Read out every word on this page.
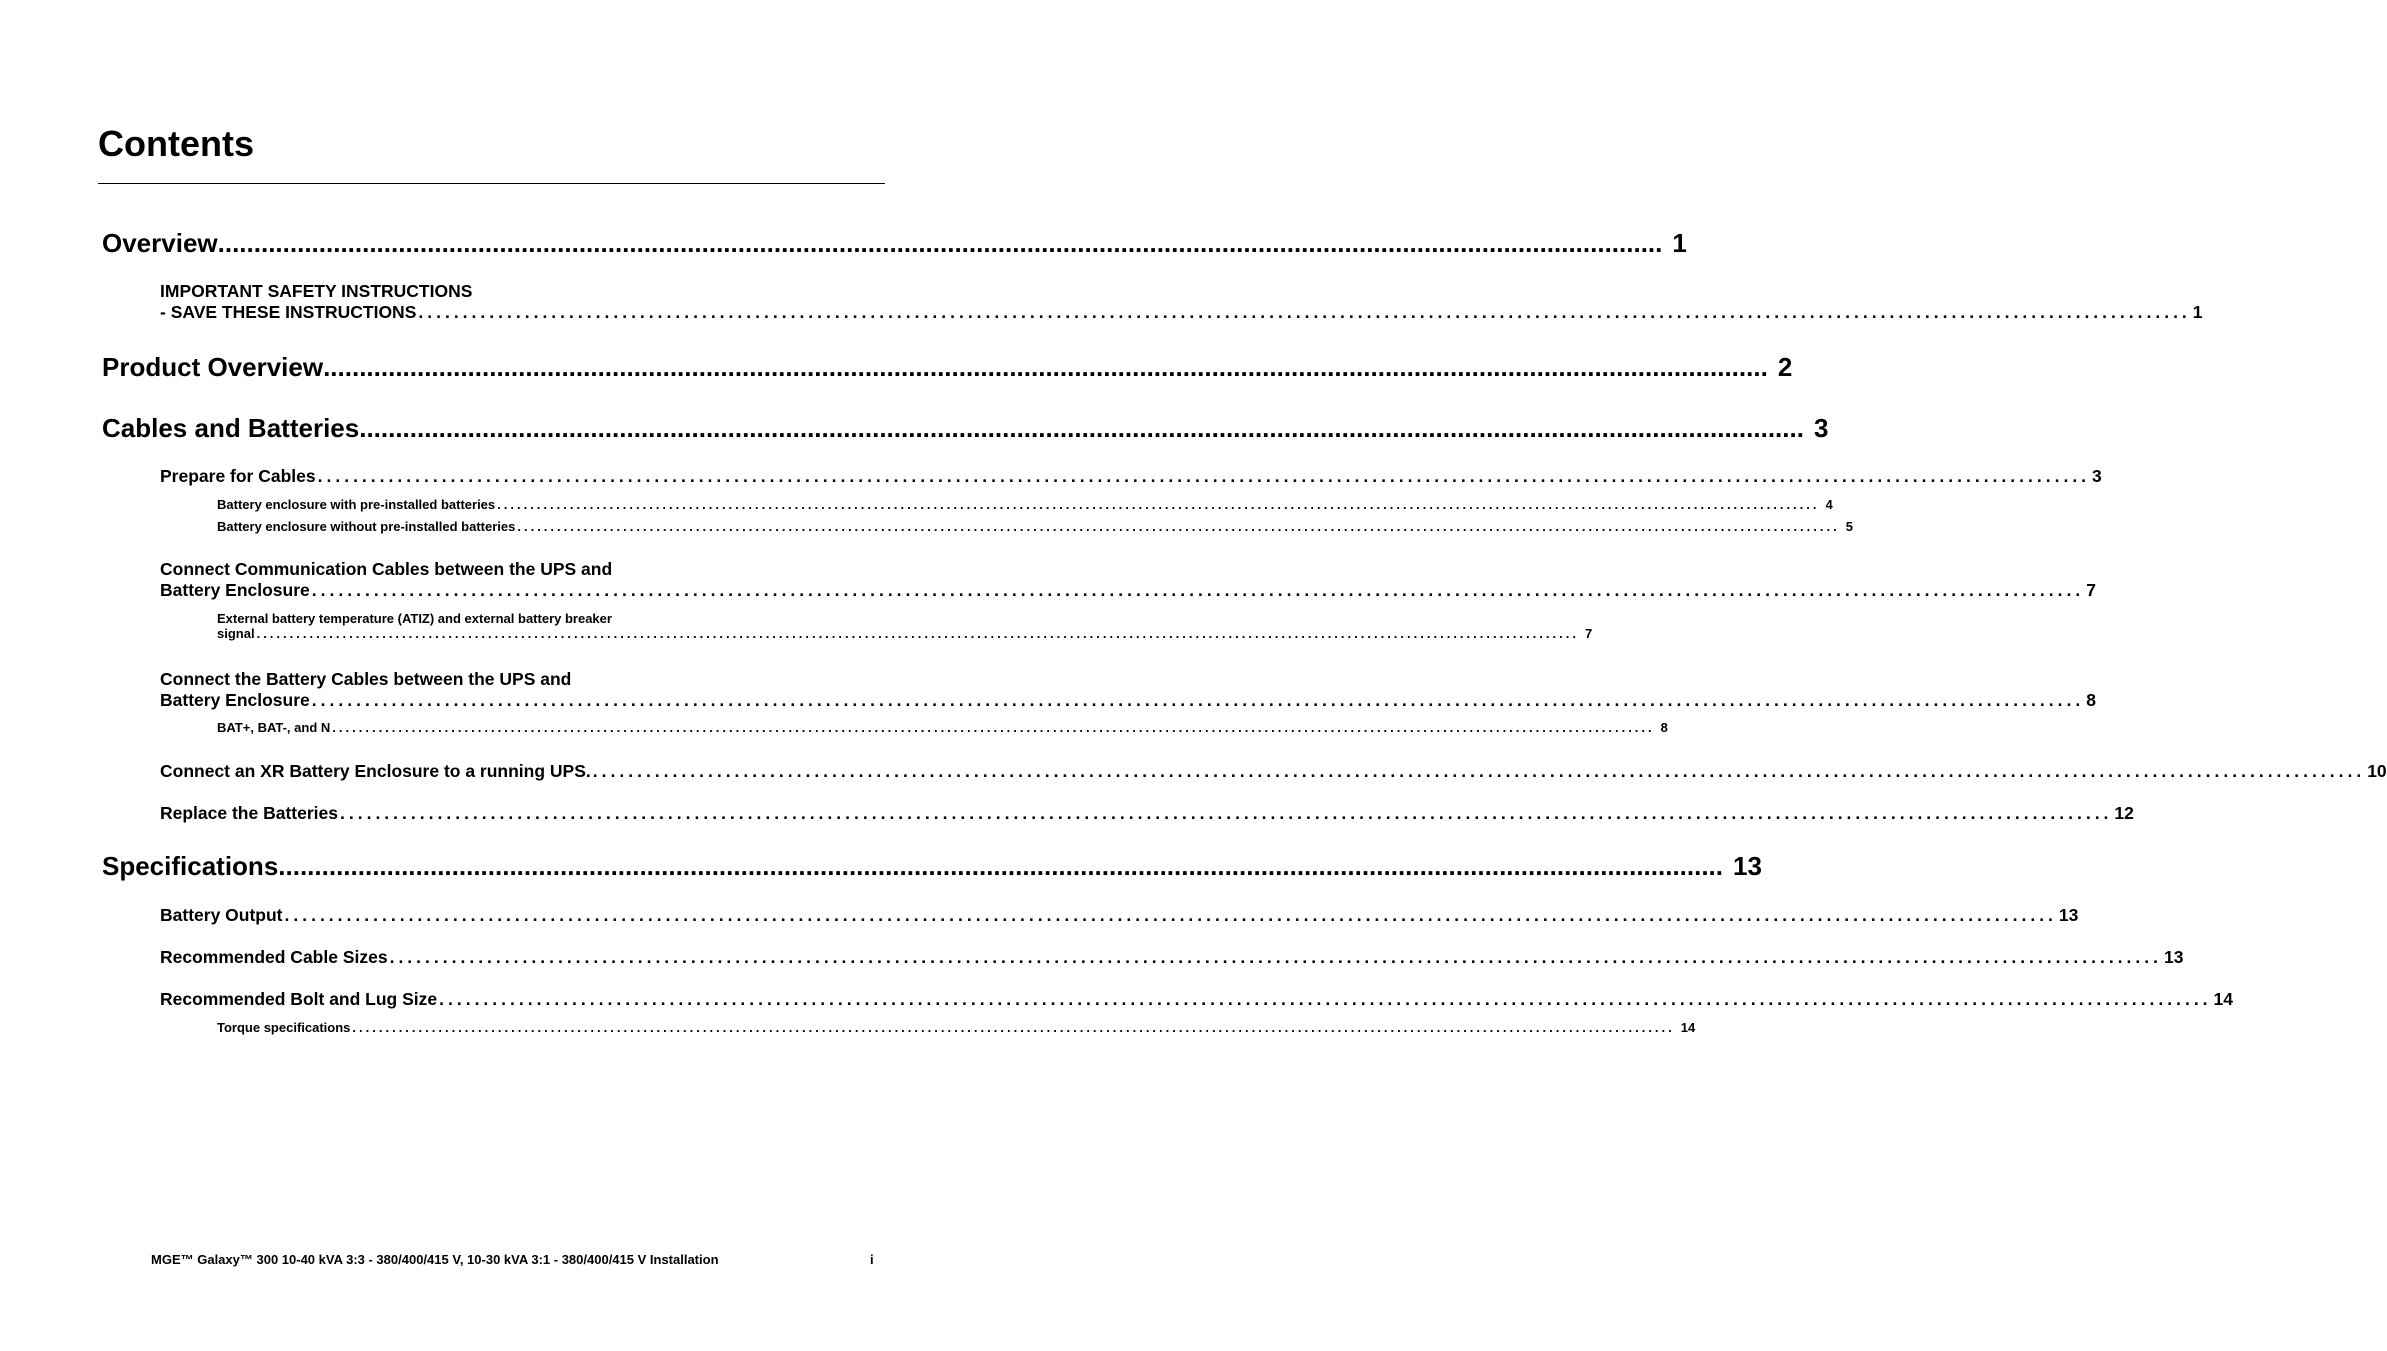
Contents
Overview ........................................................................................................................................................................................................ 1
IMPORTANT SAFETY INSTRUCTIONS
- SAVE THESE INSTRUCTIONS ........................................................................................................................................................................................................ 1
Product Overview ........................................................................................................................................................................................................ 2
Cables and Batteries ........................................................................................................................................................................................................ 3
Prepare for Cables ........................................................................................................................................................................................................ 3
Battery enclosure with pre-installed batteries ........................................................................................................................................................................................................ 4
Battery enclosure without pre-installed batteries ........................................................................................................................................................................................................ 5
Connect Communication Cables between the UPS and
Battery Enclosure ........................................................................................................................................................................................................ 7
External battery temperature (ATIZ) and external battery breaker
signal ........................................................................................................................................................................................................ 7
Connect the Battery Cables between the UPS and
Battery Enclosure ........................................................................................................................................................................................................ 8
BAT+, BAT-, and N ........................................................................................................................................................................................................ 8
Connect an XR Battery Enclosure to a running UPS. ........................................................................................................................................................................................................ 10
Replace the Batteries ........................................................................................................................................................................................................ 12
Specifications ........................................................................................................................................................................................................ 13
Battery Output ........................................................................................................................................................................................................ 13
Recommended Cable Sizes ........................................................................................................................................................................................................ 13
Recommended Bolt and Lug Size ........................................................................................................................................................................................................ 14
Torque specifications ........................................................................................................................................................................................................ 14
MGE™ Galaxy™ 300 10-40 kVA 3:3 - 380/400/415 V, 10-30 kVA 3:1 - 380/400/415 V Installation	i
